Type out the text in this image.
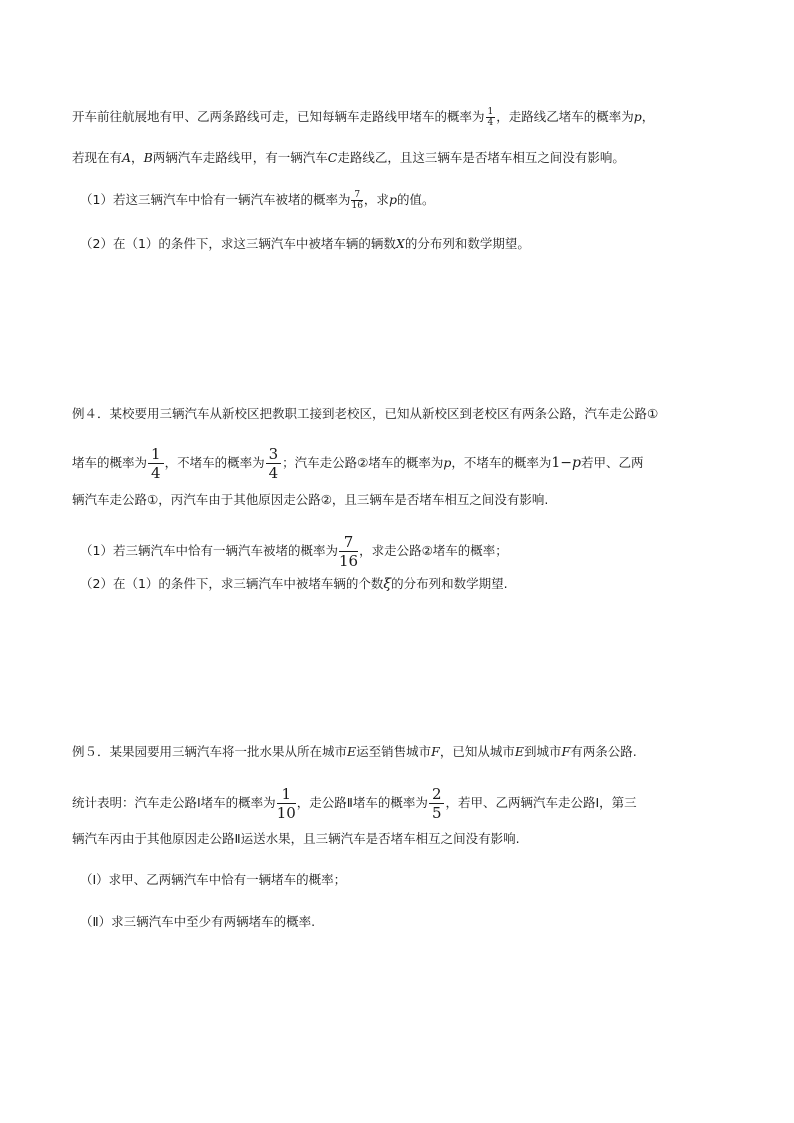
开车前往航展地有甲、乙两条路线可走，已知每辆车走路线甲堵车的概率为 $\frac{1}{4}$ ，走路线乙堵车的概率为p，
若现在有A，B两辆汽车走路线甲，有一辆汽车C走路线乙，且这三辆车是否堵车相互之间没有影响。
（1）若这三辆汽车中恰有一辆汽车被堵的概率为 $\frac{7}{16}$ ，求p的值。
（2）在（1）的条件下，求这三辆汽车中被堵车辆的辆数X的分布列和数学期望。
例４．某校要用三辆汽车从新校区把教职工接到老校区，已知从新校区到老校区有两条公路，汽车走公路①
堵车的概率为 $\frac{1}{4}$ ，不堵车的概率为 $\frac{3}{4}$ ；汽车走公路②堵车的概率为p，不堵车的概率为1−p若甲、乙两
辆汽车走公路①，丙汽车由于其他原因走公路②，且三辆车是否堵车相互之间没有影响.
（1）若三辆汽车中恰有一辆汽车被堵的概率为 $\frac{7}{16}$ ，求走公路②堵车的概率；
（2）在（1）的条件下，求三辆汽车中被堵车辆的个数ξ的分布列和数学期望.
例５．某果园要用三辆汽车将一批水果从所在城市E运至销售城市F，已知从城市E到城市F有两条公路.
统计表明：汽车走公路Ⅰ堵车的概率为 $\frac{1}{10}$ ，走公路Ⅱ堵车的概率为 $\frac{2}{5}$ ，若甲、乙两辆汽车走公路Ⅰ，第三
辆汽车丙由于其他原因走公路Ⅱ运送水果，且三辆汽车是否堵车相互之间没有影响.
（Ⅰ）求甲、乙两辆汽车中恰有一辆堵车的概率；
（Ⅱ）求三辆汽车中至少有两辆堵车的概率.
